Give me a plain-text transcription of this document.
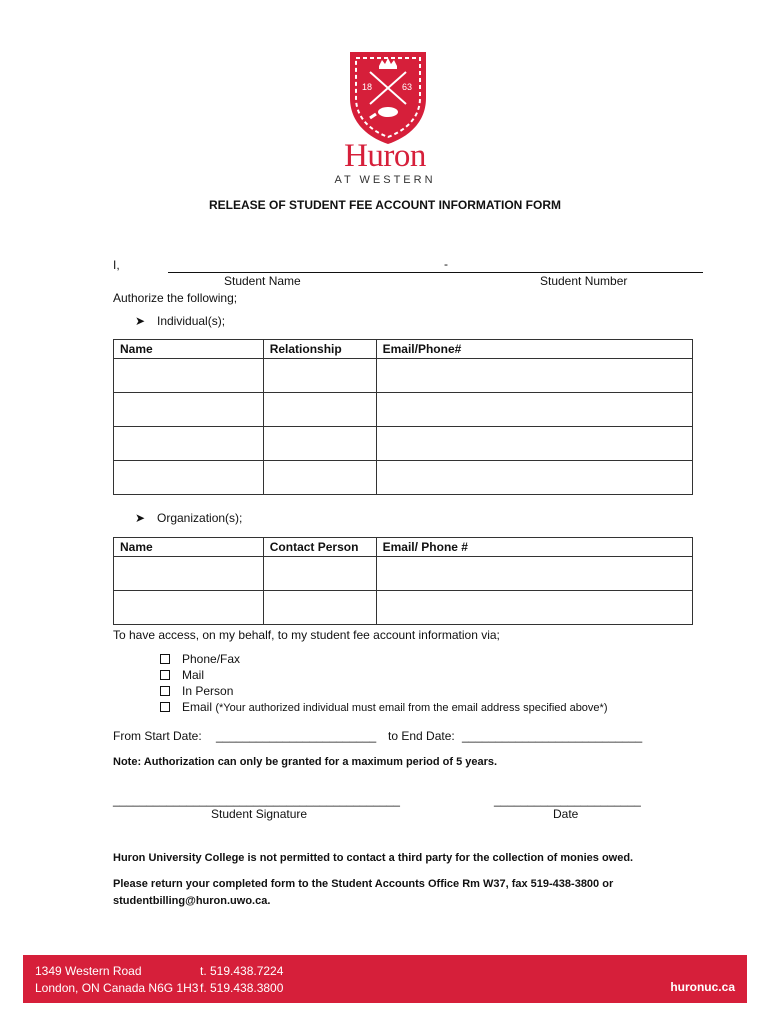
18	63
Huron
AT WESTERN
RELEASE OF STUDENT FEE ACCOUNT INFORMATION FORM
I,	-
Student Name	Student Number
Authorize the following;
➤ Individual(s);
Name	Relationship	Email/Phone#

➤ Organization(s);
Name	Contact Person	Email/ Phone #

To have access, on my behalf, to my student fee account information via;
Phone/Fax
Mail
In Person
Email (*Your authorized individual must email from the email address specified above*)
From Start Date: ________________________ to End Date: ___________________________
Note: Authorization can only be granted for a maximum period of 5 years.
___________________________________________
Student Signature
______________________
Date
Huron University College is not permitted to contact a third party for the collection of monies owed.
Please return your completed form to the Student Accounts Office Rm W37, fax 519-438-3800 or
studentbilling@huron.uwo.ca.
1349 Western Road
London, ON Canada N6G 1H3
t. 519.438.7224
f. 519.438.3800	huronuc.ca
